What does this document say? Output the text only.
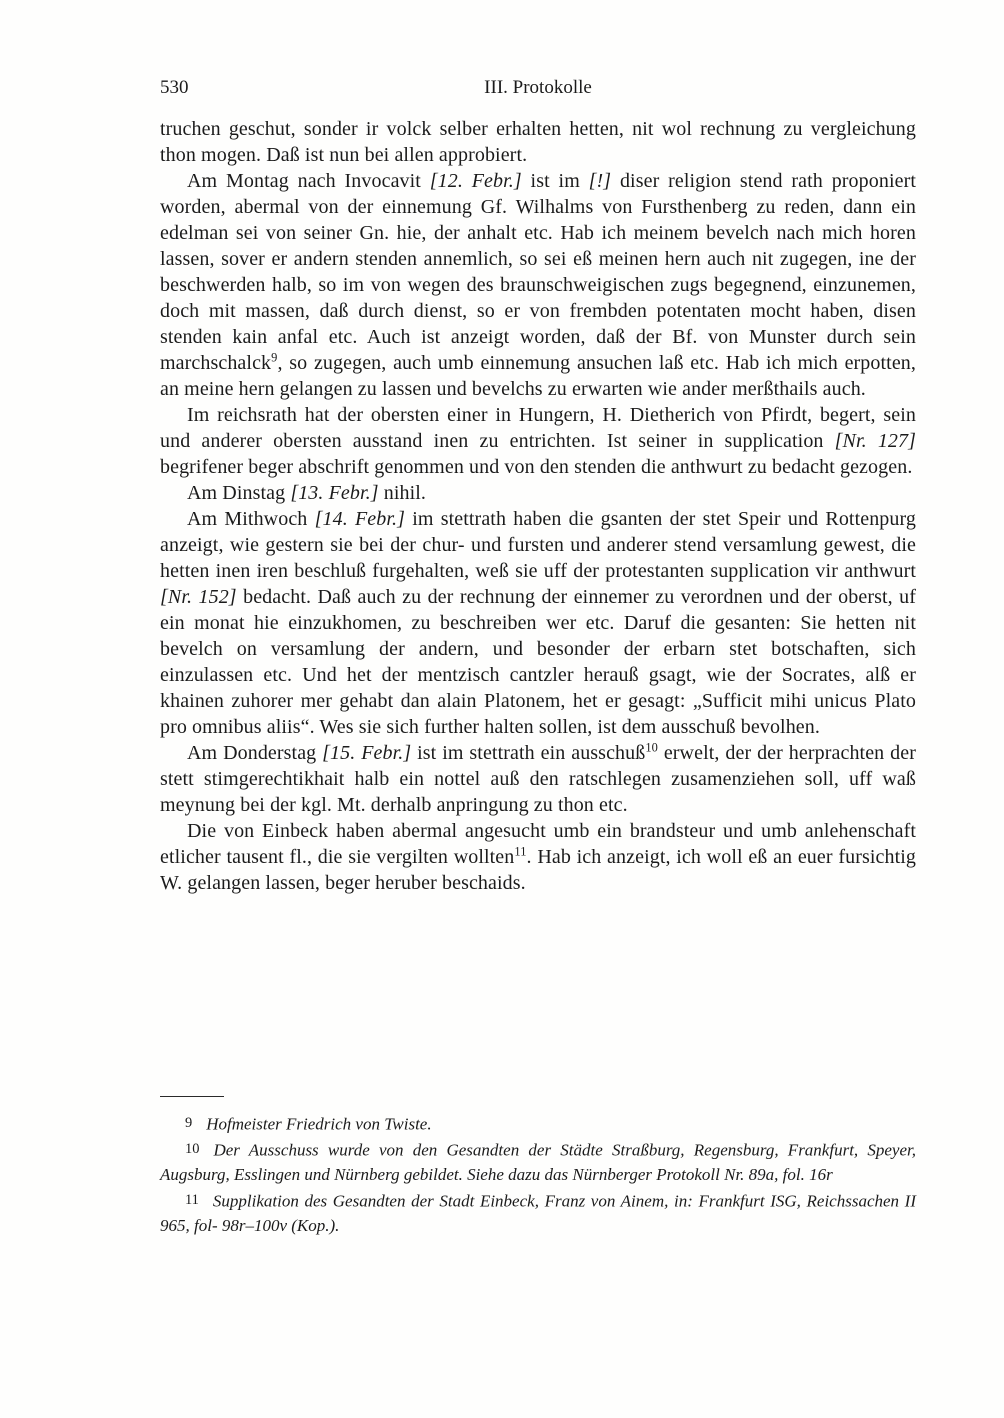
530	III. Protokolle

truchen geschut, sonder ir volck selber erhalten hetten, nit wol rechnung zu vergleichung thon mogen. Daß ist nun bei allen approbiert.

Am Montag nach Invocavit [12. Febr.] ist im [!] diser religion stend rath proponiert worden, abermal von der einnemung Gf. Wilhalms von Fursthenberg zu reden, dann ein edelman sei von seiner Gn. hie, der anhalt etc. Hab ich meinem bevelch nach mich horen lassen, sover er andern stenden annemlich, so sei eß meinen hern auch nit zugegen, ine der beschwerden halb, so im von wegen des braunschweigischen zugs begegnend, einzunemen, doch mit massen, daß durch dienst, so er von frembden potentaten mocht haben, disen stenden kain anfal etc. Auch ist anzeigt worden, daß der Bf. von Munster durch sein marchschalck$^9$, so zugegen, auch umb einnemung ansuchen laß etc. Hab ich mich erpotten, an meine hern gelangen zu lassen und bevelchs zu erwarten wie ander merßthails auch.

Im reichsrath hat der obersten einer in Hungern, H. Dietherich von Pfirdt, begert, sein und anderer obersten ausstand inen zu entrichten. Ist seiner in supplication [Nr. 127] begrifener beger abschrift genommen und von den stenden die anthwurt zu bedacht gezogen.

Am Dinstag [13. Febr.] nihil.

Am Mithwoch [14. Febr.] im stettrath haben die gsanten der stet Speir und Rottenpurg anzeigt, wie gestern sie bei der chur- und fursten und anderer stend versamlung gewest, die hetten inen iren beschluß furgehalten, weß sie uff der protestanten supplication vir anthwurt [Nr. 152] bedacht. Daß auch zu der rechnung der einnemer zu verordnen und der oberst, uf ein monat hie einzukhomen, zu beschreiben wer etc. Daruf die gesanten: Sie hetten nit bevelch on versamlung der andern, und besonder der erbarn stet botschaften, sich einzulassen etc. Und het der mentzisch cantzler herauß gsagt, wie der Socrates, alß er khainen zuhorer mer gehabt dan alain Platonem, het er gesagt: „Sufficit mihi unicus Plato pro omnibus aliis“. Wes sie sich further halten sollen, ist dem ausschuß bevolhen.

Am Donderstag [15. Febr.] ist im stettrath ein ausschuß$^{10}$ erwelt, der der herprachten der stett stimgerechtikhait halb ein nottel auß den ratschlegen zusamenziehen soll, uff waß meynung bei der kgl. Mt. derhalb anpringung zu thon etc.

Die von Einbeck haben abermal angesucht umb ein brandsteur und umb anlehenschaft etlicher tausent fl., die sie vergilten wollten$^{11}$. Hab ich anzeigt, ich woll eß an euer fursichtig W. gelangen lassen, beger heruber beschaids.

9 Hofmeister Friedrich von Twiste.

10 Der Ausschuss wurde von den Gesandten der Städte Straßburg, Regensburg, Frankfurt, Speyer, Augsburg, Esslingen und Nürnberg gebildet. Siehe dazu das Nürnberger Protokoll Nr. 89a, fol. 16r

11 Supplikation des Gesandten der Stadt Einbeck, Franz von Ainem, in: Frankfurt ISG, Reichssachen II 965, fol- 98r–100v (Kop.).
